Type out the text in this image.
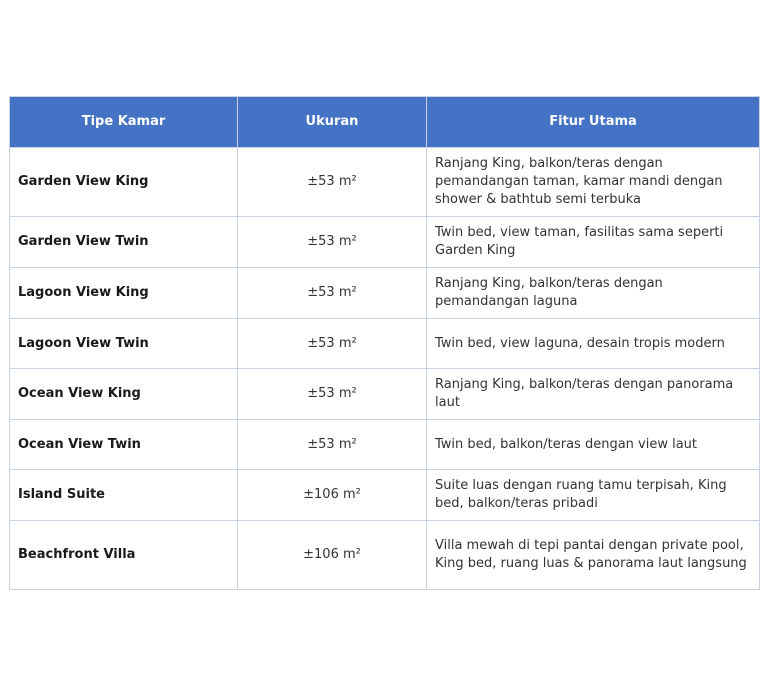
Tipe Kamar	Ukuran	Fitur Utama
Garden View King	±53 m²	Ranjang King, balkon/teras dengan pemandangan taman, kamar mandi dengan shower & bathtub semi terbuka
Garden View Twin	±53 m²	Twin bed, view taman, fasilitas sama seperti Garden King
Lagoon View King	±53 m²	Ranjang King, balkon/teras dengan pemandangan laguna
Lagoon View Twin	±53 m²	Twin bed, view laguna, desain tropis modern
Ocean View King	±53 m²	Ranjang King, balkon/teras dengan panorama laut
Ocean View Twin	±53 m²	Twin bed, balkon/teras dengan view laut
Island Suite	±106 m²	Suite luas dengan ruang tamu terpisah, King bed, balkon/teras pribadi
Beachfront Villa	±106 m²	Villa mewah di tepi pantai dengan private pool, King bed, ruang luas & panorama laut langsung
